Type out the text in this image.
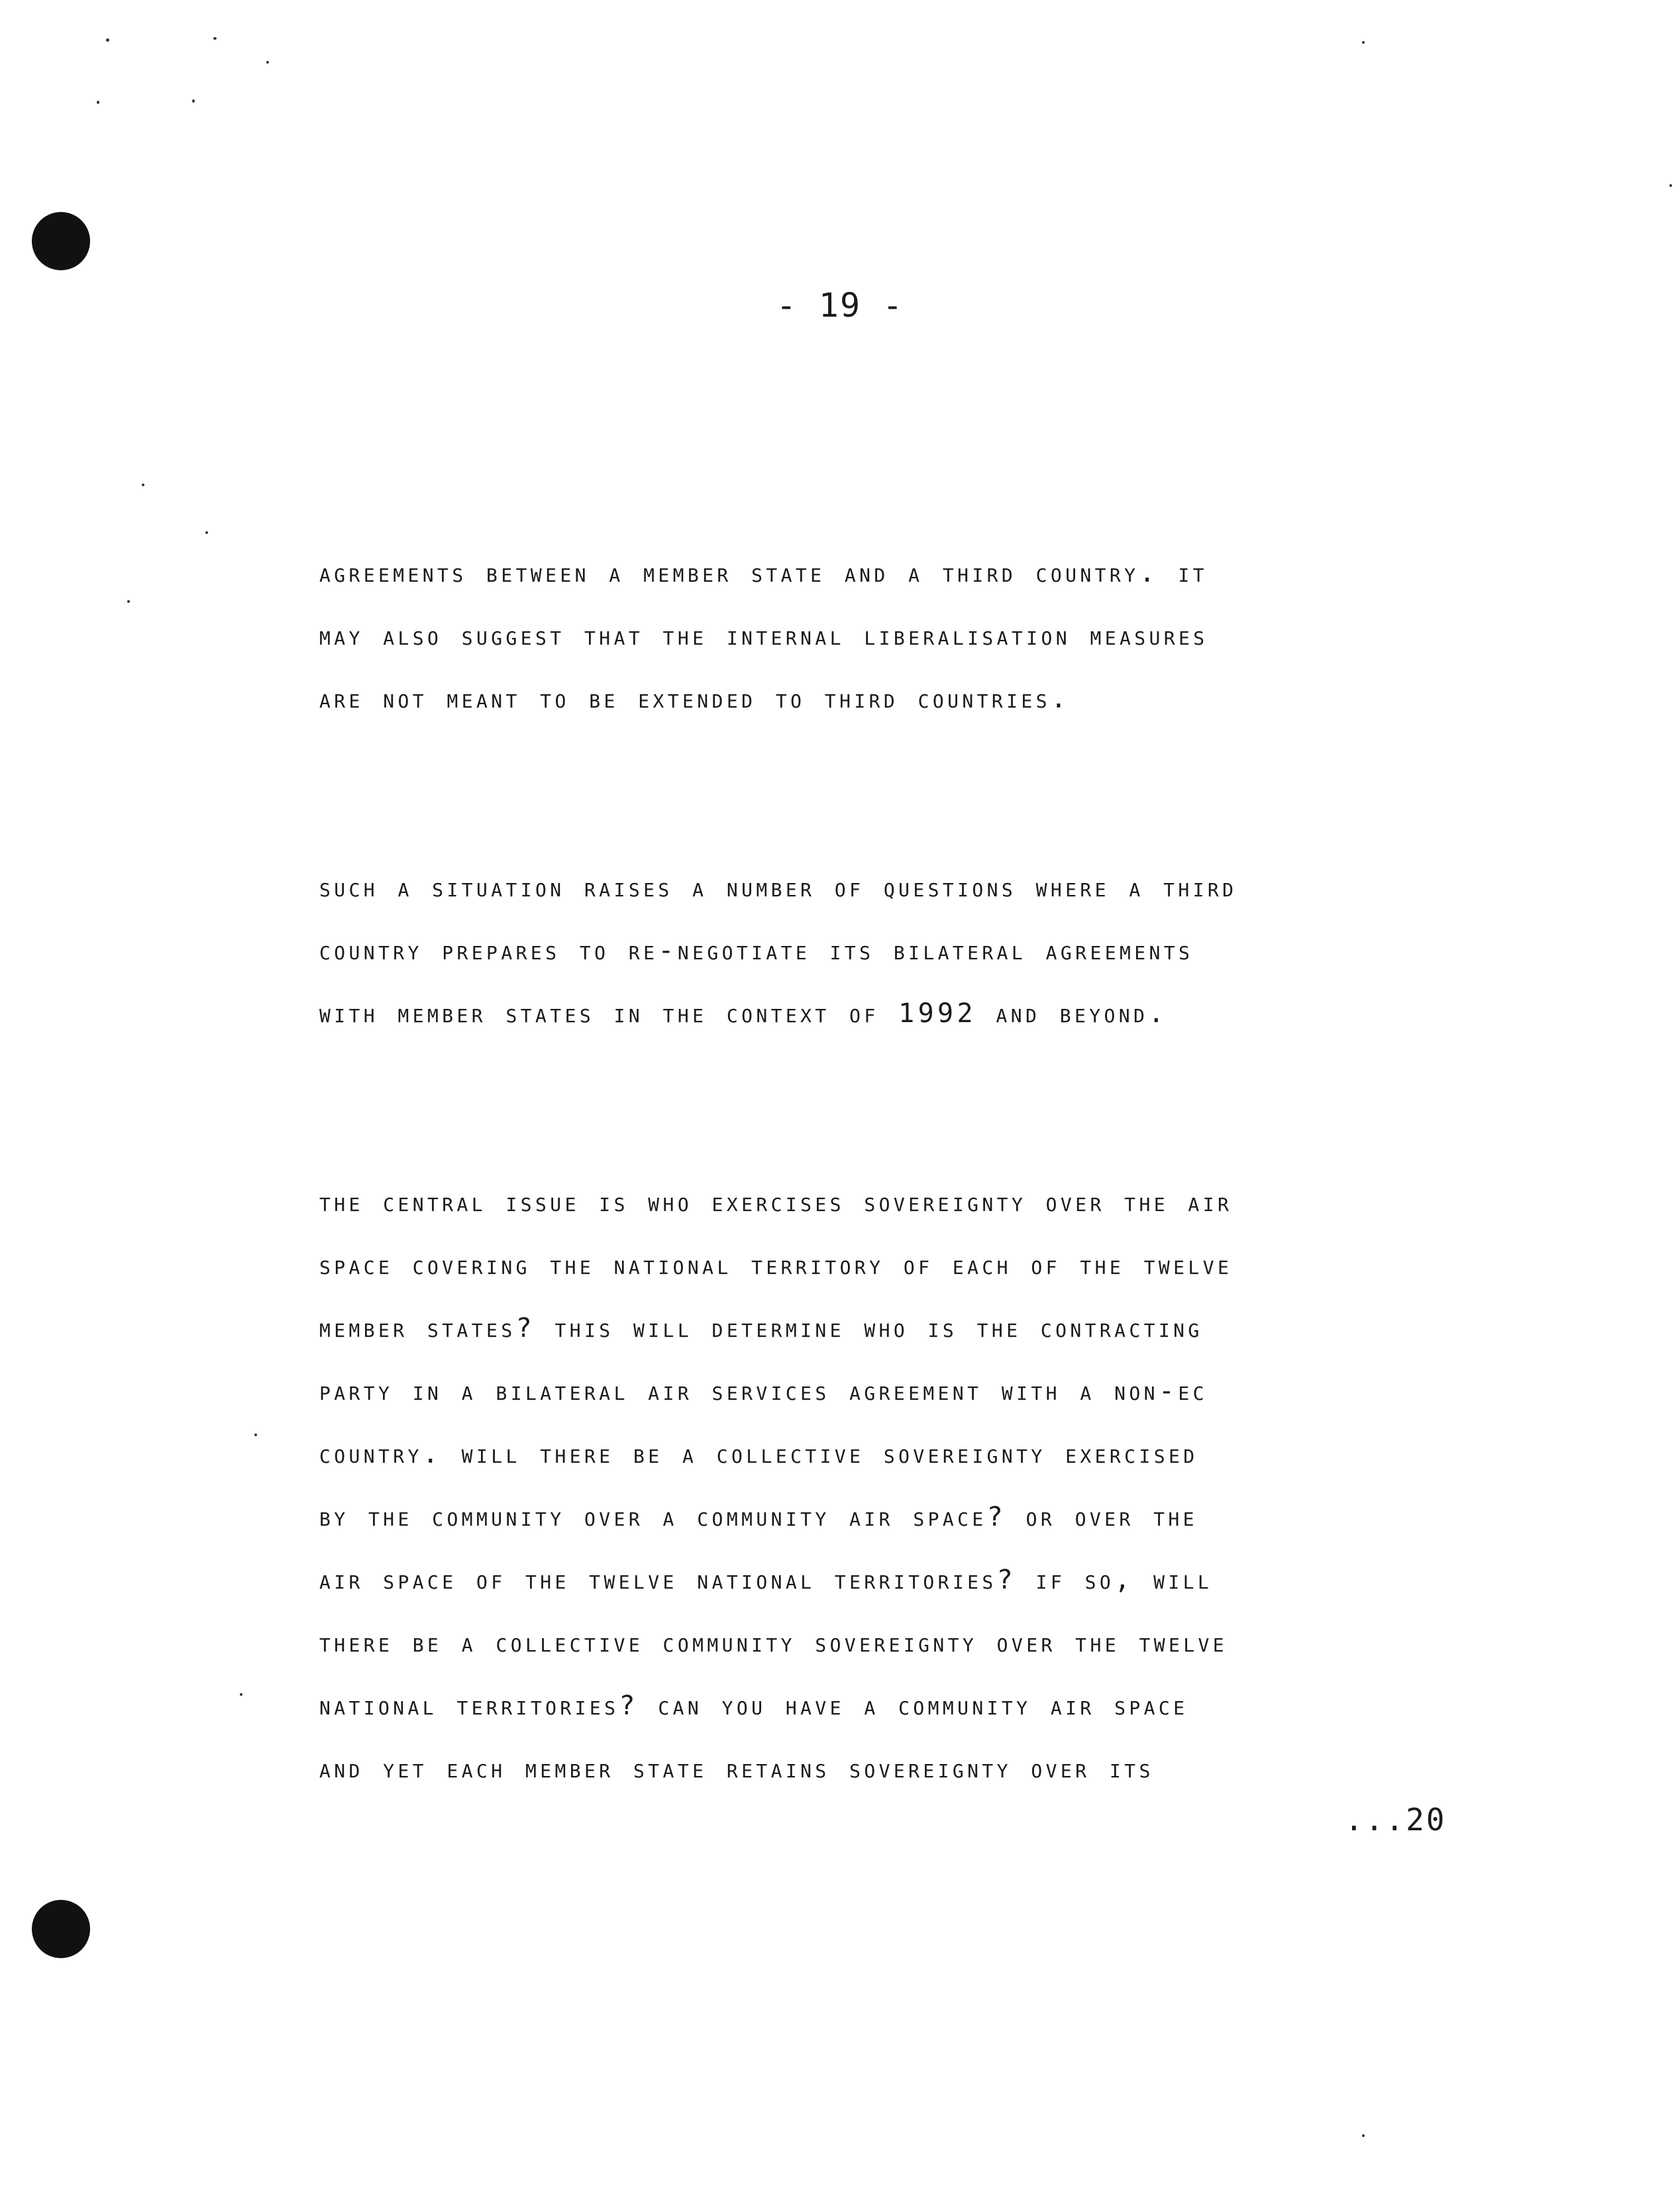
- 19 -
agreements between a member state and a third country. it
may also suggest that the internal liberalisation measures
are not meant to be extended to third countries.
such a situation raises a number of questions where a third
country prepares to re-negotiate its bilateral agreements
with member states in the context of 1992 and beyond.
the central issue is who exercises sovereignty over the air
space covering the national territory of each of the twelve
member states? this will determine who is the contracting
party in a bilateral air services agreement with a non-ec
country. will there be a collective sovereignty exercised
by the community over a community air space? or over the
air space of the twelve national territories? if so, will
there be a collective community sovereignty over the twelve
national territories? can you have a community air space
and yet each member state retains sovereignty over its
...20
